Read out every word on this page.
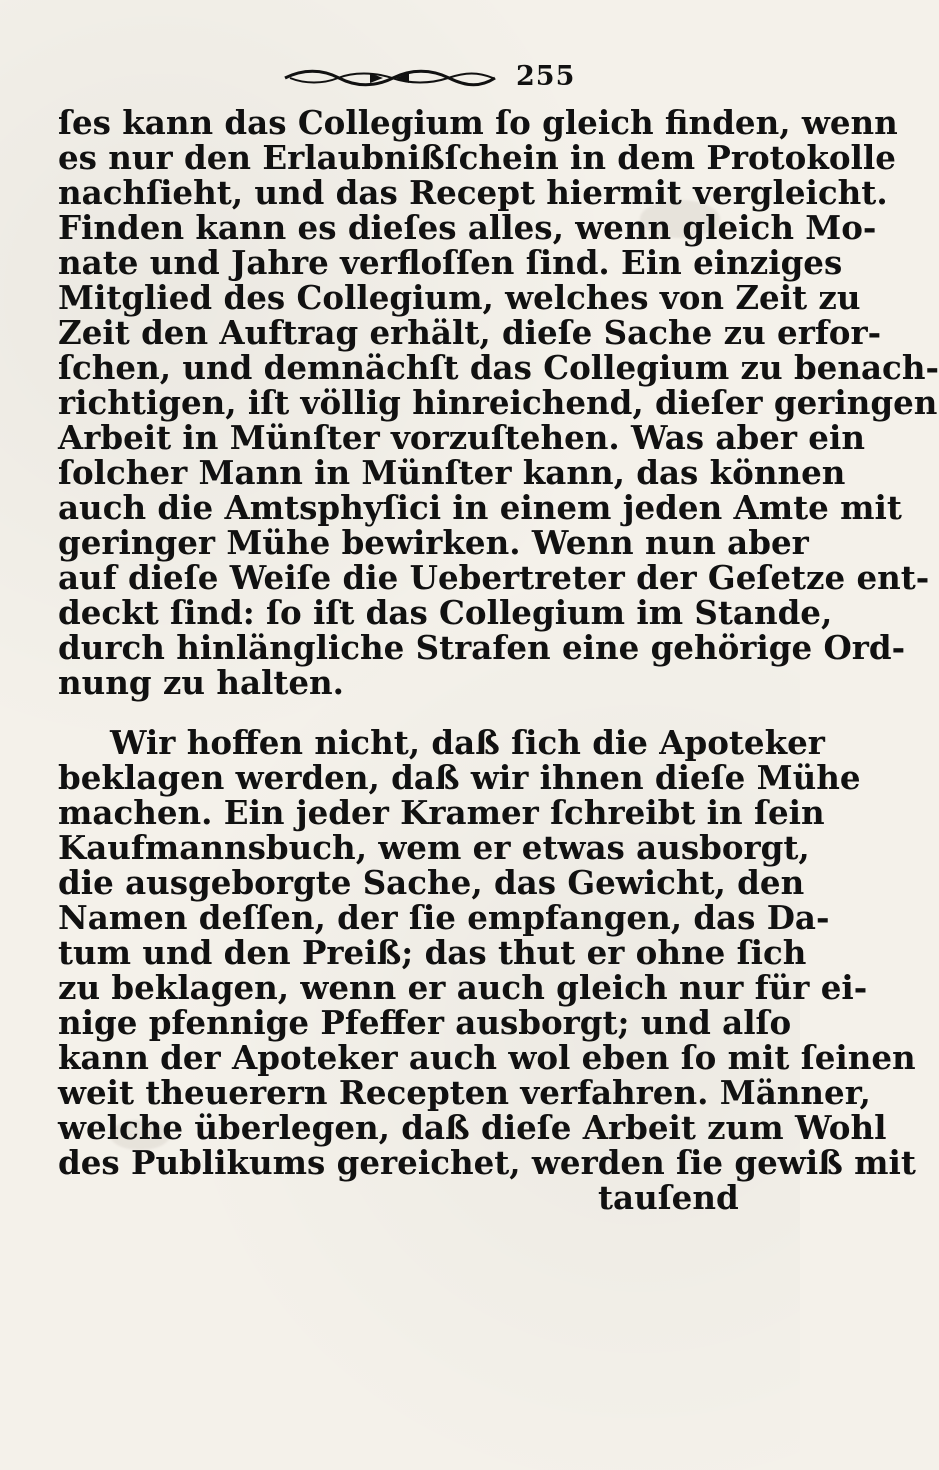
255
ſes kann das Collegium ſo gleich finden, wenn
es nur den Erlaubnißſchein in dem Protokolle
nachſieht, und das Recept hiermit vergleicht.
Finden kann es dieſes alles, wenn gleich Mo-
nate und Jahre verfloſſen ſind. Ein einziges
Mitglied des Collegium, welches von Zeit zu
Zeit den Auftrag erhält, dieſe Sache zu erfor-
ſchen, und demnächſt das Collegium zu benach-
richtigen, iſt völlig hinreichend, dieſer geringen
Arbeit in Münſter vorzuſtehen. Was aber ein
ſolcher Mann in Münſter kann, das können
auch die Amtsphyſici in einem jeden Amte mit
geringer Mühe bewirken. Wenn nun aber
auf dieſe Weiſe die Uebertreter der Geſetze ent-
deckt ſind: ſo iſt das Collegium im Stande,
durch hinlängliche Strafen eine gehörige Ord-
nung zu halten.
Wir hoffen nicht, daß ſich die Apoteker
beklagen werden, daß wir ihnen dieſe Mühe
machen. Ein jeder Kramer ſchreibt in ſein
Kaufmannsbuch, wem er etwas ausborgt,
die ausgeborgte Sache, das Gewicht, den
Namen deſſen, der ſie empfangen, das Da-
tum und den Preiß; das thut er ohne ſich
zu beklagen, wenn er auch gleich nur für ei-
nige pfennige Pfeffer ausborgt; und alſo
kann der Apoteker auch wol eben ſo mit ſeinen
weit theuerern Recepten verfahren. Männer,
welche überlegen, daß dieſe Arbeit zum Wohl
des Publikums gereichet, werden ſie gewiß mit
tauſend
